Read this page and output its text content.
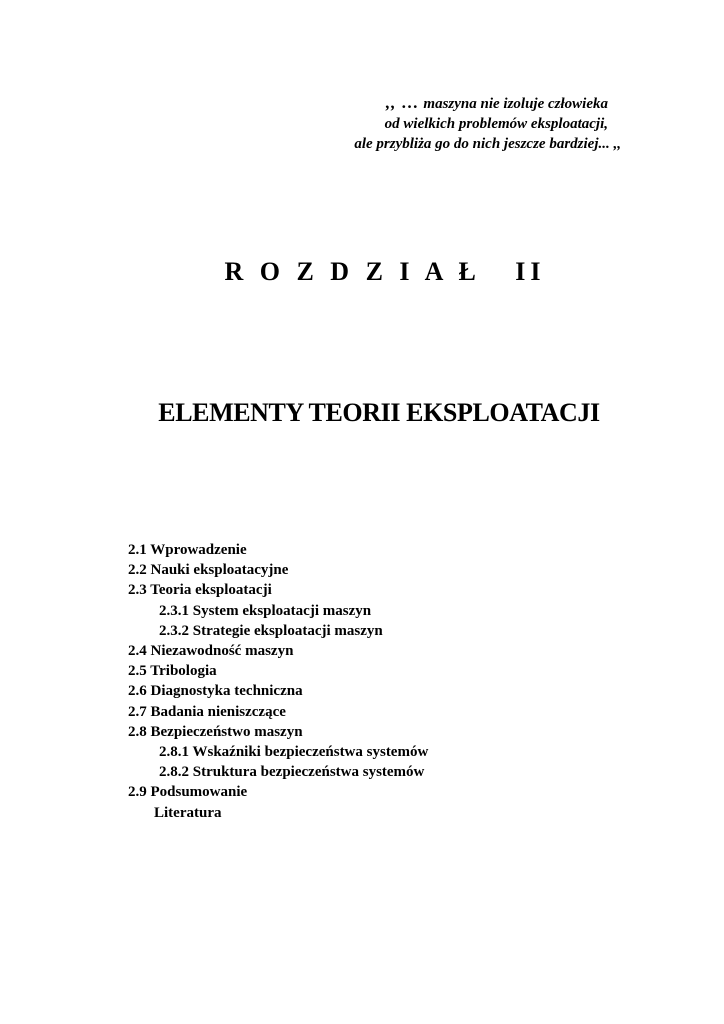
,, … maszyna nie izoluje człowieka
od wielkich problemów eksploatacji,
ale przybliża go do nich jeszcze bardziej... ,,
R O Z D Z I A Ł   II
ELEMENTY TEORII EKSPLOATACJI
2.1 Wprowadzenie
2.2 Nauki eksploatacyjne
2.3 Teoria eksploatacji
2.3.1 System eksploatacji maszyn
2.3.2 Strategie eksploatacji maszyn
2.4 Niezawodność maszyn
2.5 Tribologia
2.6 Diagnostyka techniczna
2.7 Badania nieniszczące
2.8 Bezpieczeństwo maszyn
2.8.1 Wskaźniki bezpieczeństwa systemów
2.8.2 Struktura bezpieczeństwa systemów
2.9 Podsumowanie
Literatura
